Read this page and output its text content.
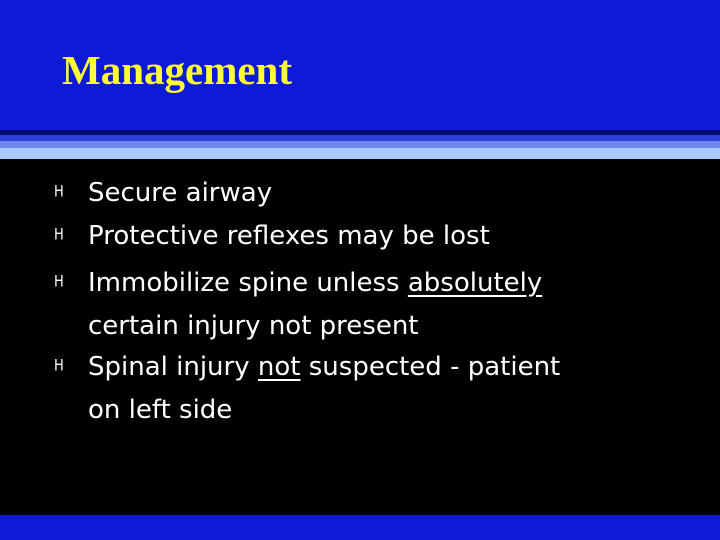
Management
H Secure airway
H Protective reflexes may be lost
H Immobilize spine unless absolutely
certain injury not present
H Spinal injury not suspected - patient
on left side
